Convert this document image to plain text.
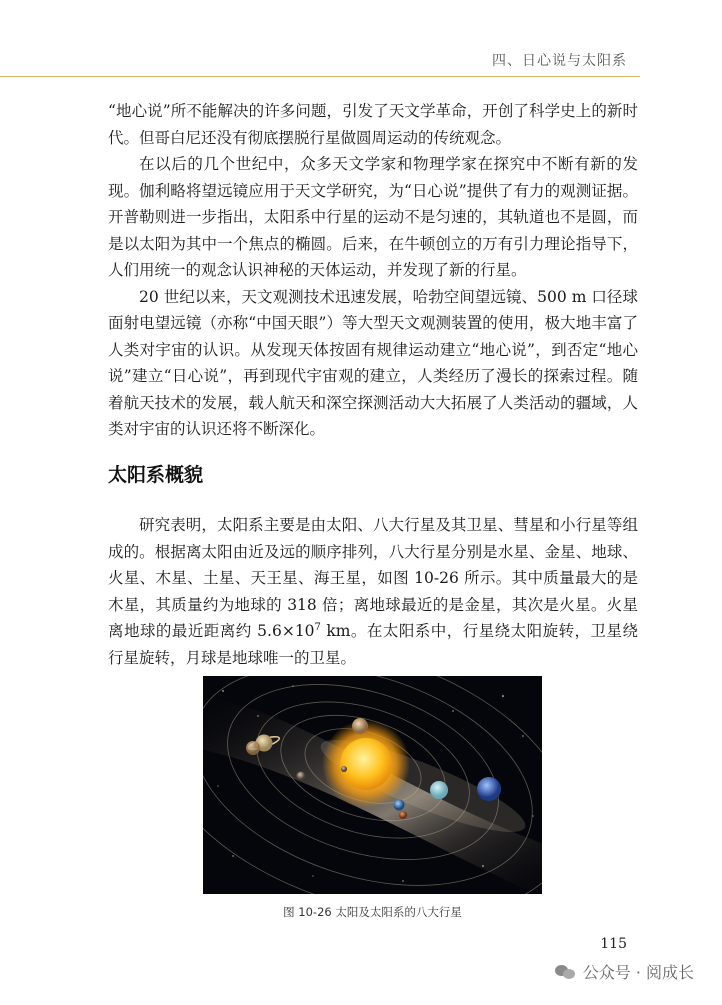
四、日心说与太阳系

“地心说”所不能解决的许多问题，引发了天文学革命，开创了科学史上的新时代。但哥白尼还没有彻底摆脱行星做圆周运动的传统观念。

在以后的几个世纪中，众多天文学家和物理学家在探究中不断有新的发现。伽利略将望远镜应用于天文学研究，为“日心说”提供了有力的观测证据。开普勒则进一步指出，太阳系中行星的运动不是匀速的，其轨道也不是圆，而是以太阳为其中一个焦点的椭圆。后来，在牛顿创立的万有引力理论指导下，人们用统一的观念认识神秘的天体运动，并发现了新的行星。

20 世纪以来，天文观测技术迅速发展，哈勃空间望远镜、500 m 口径球面射电望远镜（亦称“中国天眼”）等大型天文观测装置的使用，极大地丰富了人类对宇宙的认识。从发现天体按固有规律运动建立“地心说”，到否定“地心说”建立“日心说”，再到现代宇宙观的建立，人类经历了漫长的探索过程。随着航天技术的发展，载人航天和深空探测活动大大拓展了人类活动的疆域，人类对宇宙的认识还将不断深化。

太阳系概貌

研究表明，太阳系主要是由太阳、八大行星及其卫星、彗星和小行星等组成的。根据离太阳由近及远的顺序排列，八大行星分别是水星、金星、地球、火星、木星、土星、天王星、海王星，如图 10-26 所示。其中质量最大的是木星，其质量约为地球的 318 倍；离地球最近的是金星，其次是火星。火星离地球的最近距离约 $5.6\times 10^7$ km。在太阳系中，行星绕太阳旋转，卫星绕行星旋转，月球是地球唯一的卫星。

图 10-26 太阳及太阳系的八大行星
115
公众号 · 阅成长
